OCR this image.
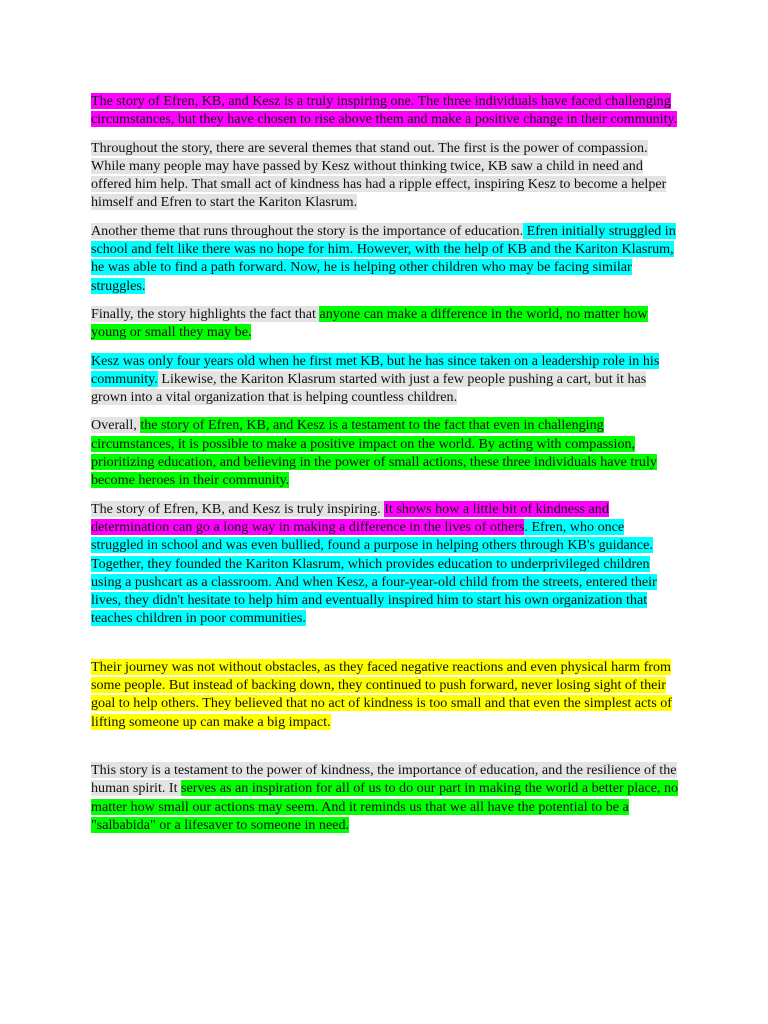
The story of Efren, KB, and Kesz is a truly inspiring one. The three individuals have faced challenging circumstances, but they have chosen to rise above them and make a positive change in their community.

Throughout the story, there are several themes that stand out. The first is the power of compassion. While many people may have passed by Kesz without thinking twice, KB saw a child in need and offered him help. That small act of kindness has had a ripple effect, inspiring Kesz to become a helper himself and Efren to start the Kariton Klasrum.

Another theme that runs throughout the story is the importance of education. Efren initially struggled in school and felt like there was no hope for him. However, with the help of KB and the Kariton Klasrum, he was able to find a path forward. Now, he is helping other children who may be facing similar struggles.

Finally, the story highlights the fact that anyone can make a difference in the world, no matter how young or small they may be.

Kesz was only four years old when he first met KB, but he has since taken on a leadership role in his community. Likewise, the Kariton Klasrum started with just a few people pushing a cart, but it has grown into a vital organization that is helping countless children.

Overall, the story of Efren, KB, and Kesz is a testament to the fact that even in challenging circumstances, it is possible to make a positive impact on the world. By acting with compassion, prioritizing education, and believing in the power of small actions, these three individuals have truly become heroes in their community.

The story of Efren, KB, and Kesz is truly inspiring. It shows how a little bit of kindness and determination can go a long way in making a difference in the lives of others. Efren, who once struggled in school and was even bullied, found a purpose in helping others through KB's guidance. Together, they founded the Kariton Klasrum, which provides education to underprivileged children using a pushcart as a classroom. And when Kesz, a four-year-old child from the streets, entered their lives, they didn't hesitate to help him and eventually inspired him to start his own organization that teaches children in poor communities.

Their journey was not without obstacles, as they faced negative reactions and even physical harm from some people. But instead of backing down, they continued to push forward, never losing sight of their goal to help others. They believed that no act of kindness is too small and that even the simplest acts of lifting someone up can make a big impact.

This story is a testament to the power of kindness, the importance of education, and the resilience of the human spirit. It serves as an inspiration for all of us to do our part in making the world a better place, no matter how small our actions may seem. And it reminds us that we all have the potential to be a "salbabida" or a lifesaver to someone in need.
